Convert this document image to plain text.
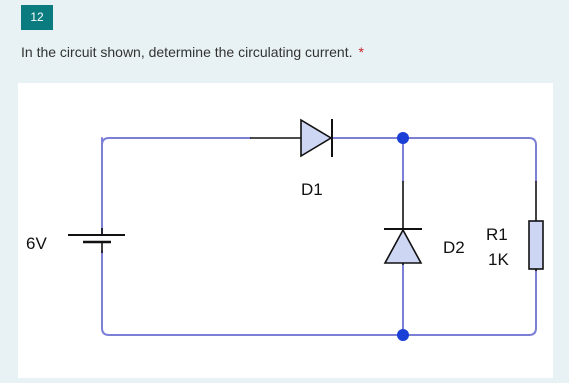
12
In the circuit shown, determine the circulating current. *
6V
D1
D2
R1
1K
